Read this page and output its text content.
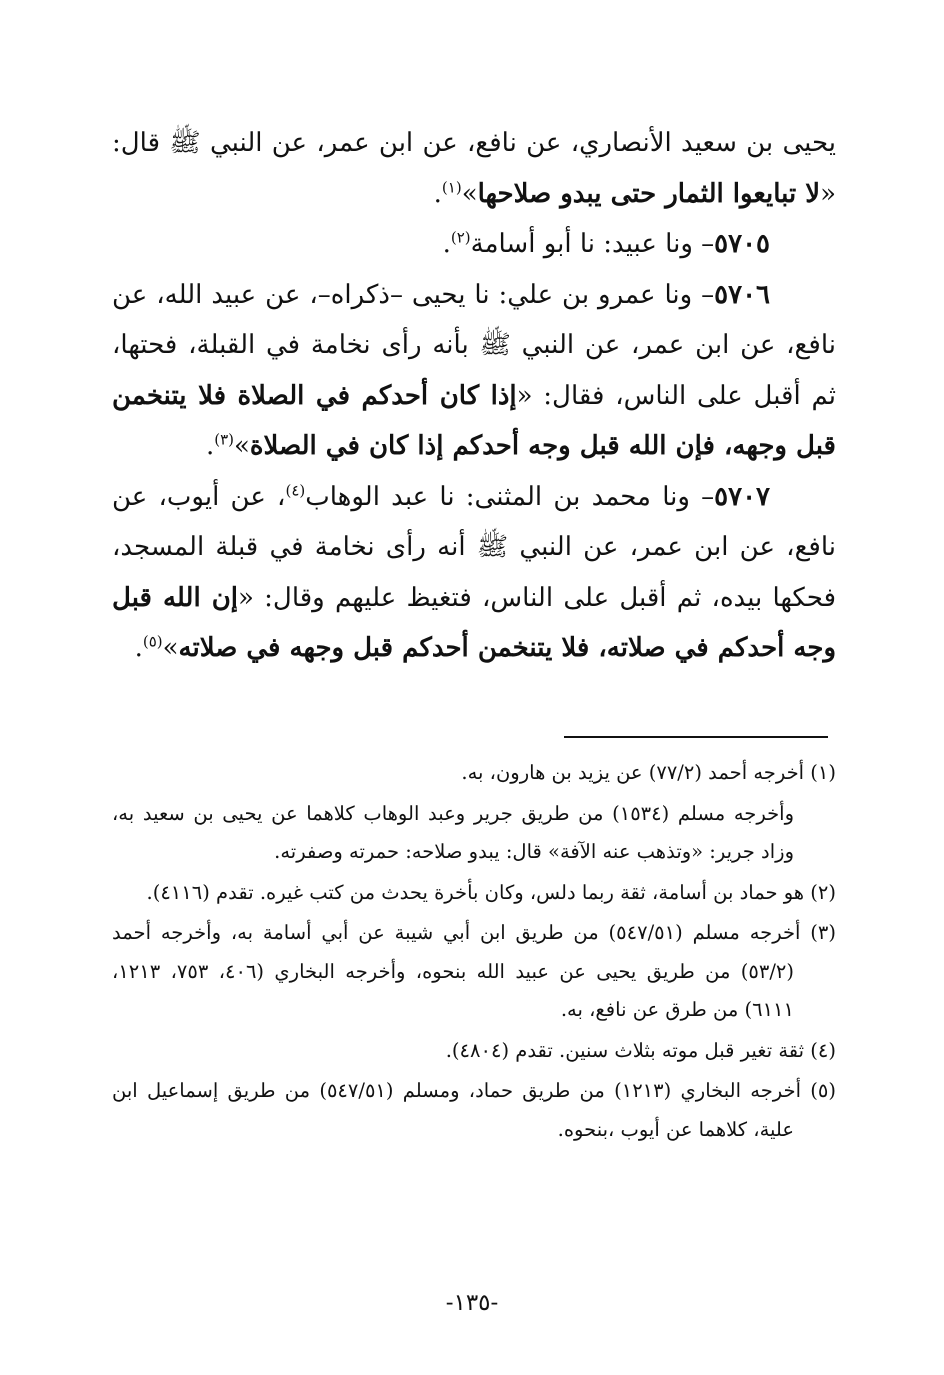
يحيى بن سعيد الأنصاري، عن نافع، عن ابن عمر، عن النبي ﷺ قال: «لا تبايعوا الثمار حتى يبدو صلاحها»$^{(١)}$.

٥٧٠٥– ونا عبيد: نا أبو أسامة$^{(٢)}$.

٥٧٠٦– ونا عمرو بن علي: نا يحيى –ذكراه–، عن عبيد الله، عن نافع، عن ابن عمر، عن النبي ﷺ بأنه رأى نخامة في القبلة، فحتها، ثم أقبل على الناس، فقال: «إذا كان أحدكم في الصلاة فلا يتنخمن قبل وجهه، فإن الله قبل وجه أحدكم إذا كان في الصلاة»$^{(٣)}$.

٥٧٠٧– ونا محمد بن المثنى: نا عبد الوهاب$^{(٤)}$، عن أيوب، عن نافع، عن ابن عمر، عن النبي ﷺ أنه رأى نخامة في قبلة المسجد، فحكها بيده، ثم أقبل على الناس، فتغيظ عليهم وقال: «إن الله قبل وجه أحدكم في صلاته، فلا يتنخمن أحدكم قبل وجهه في صلاته»$^{(٥)}$.

(١) أخرجه أحمد (٧٧/٢) عن يزيد بن هارون، به.

وأخرجه مسلم (١٥٣٤) من طريق جرير وعبد الوهاب كلاهما عن يحيى بن سعيد به، وزاد جرير: «وتذهب عنه الآفة» قال: يبدو صلاحه: حمرته وصفرته.

(٢) هو حماد بن أسامة، ثقة ربما دلس، وكان بأخرة يحدث من كتب غيره. تقدم (٤١١٦).

(٣) أخرجه مسلم (٥٤٧/٥١) من طريق ابن أبي شيبة عن أبي أسامة به، وأخرجه أحمد (٥٣/٢) من طريق يحيى عن عبيد الله بنحوه، وأخرجه البخاري (٤٠٦، ٧٥٣، ١٢١٣، ٦١١١) من طرق عن نافع، به.

(٤) ثقة تغير قبل موته بثلاث سنين. تقدم (٤٨٠٤).

(٥) أخرجه البخاري (١٢١٣) من طريق حماد، ومسلم (٥٤٧/٥١) من طريق إسماعيل ابن علية، كلاهما عن أيوب ،بنحوه.

-١٣٥-
